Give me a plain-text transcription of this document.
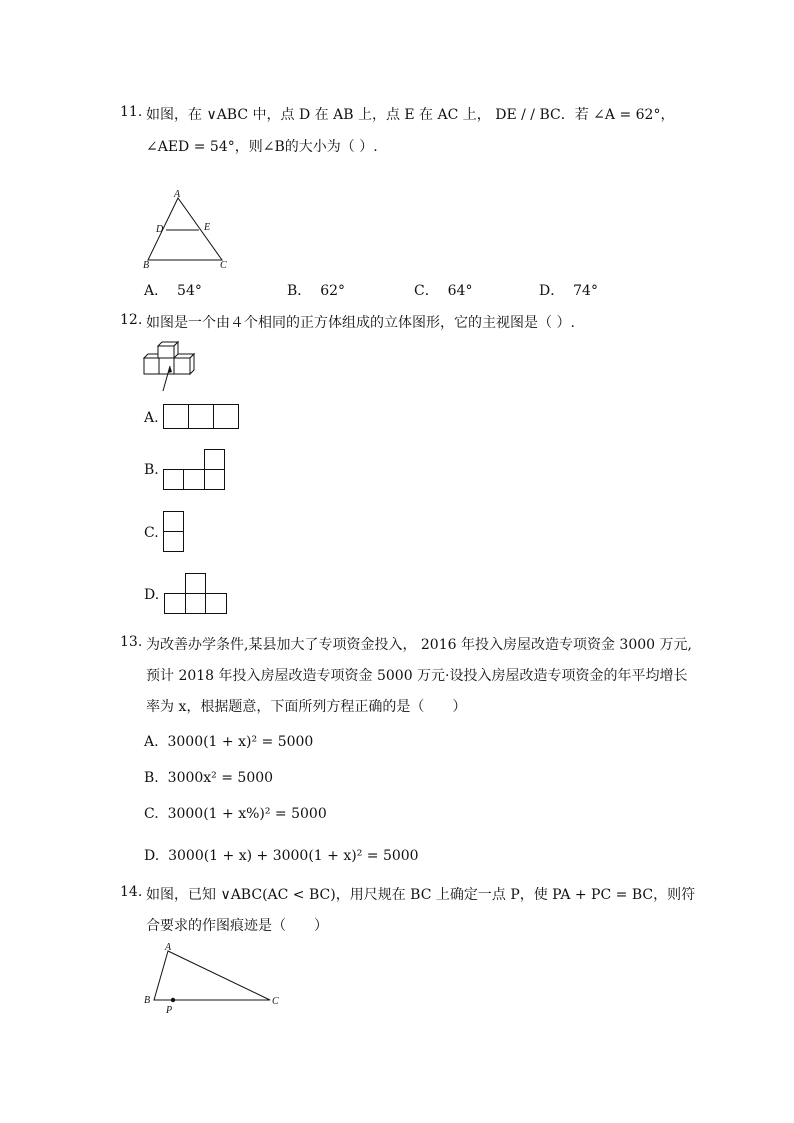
11. 如图，在 ∨ABC 中，点 D 在 AB 上，点 E 在 AC 上， DE / / BC．若 ∠A = 62°，
∠AED = 54°，则∠B的大小为（ ）.
A
D	E
B	C
A． 54°	B． 62°	C． 64°	D． 74°
12. 如图是一个由４个相同的正方体组成的立体图形，它的主视图是（ ）.
A.
B.
C.
D.
13. 为改善办学条件,某县加大了专项资金投入， 2016 年投入房屋改造专项资金 3000 万元,
预计 2018 年投入房屋改造专项资金 5000 万元·设投入房屋改造专项资金的年平均增长
率为 x，根据题意，下面所列方程正确的是（　　）
A. 3000(1 + x)² = 5000
B. 3000x² = 5000
C. 3000(1 + x%)² = 5000
D. 3000(1 + x) + 3000(1 + x)² = 5000
14. 如图，已知 ∨ABC(AC < BC)，用尺规在 BC 上确定一点 P，使 PA + PC = BC，则符
合要求的作图痕迹是（　　）
A
B	C
P
